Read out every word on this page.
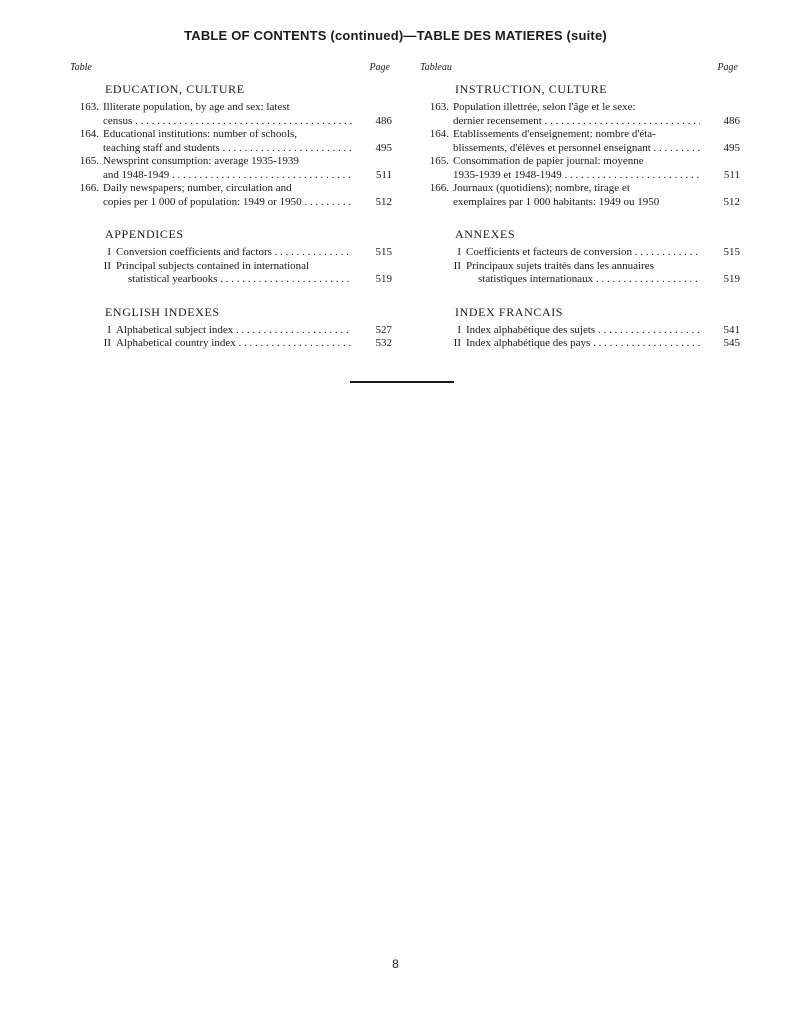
TABLE OF CONTENTS (continued)—TABLE DES MATIERES (suite)
Table	Page
EDUCATION, CULTURE
163. Illiterate population, by age and sex: latest
census . . .	486
164. Educational institutions: number of schools,
teaching staff and students . . .	495
165. Newsprint consumption: average 1935-1939
and 1948-1949 . . .	511
166. Daily newspapers; number, circulation and
copies per 1 000 of population: 1949 or 1950 . . .	512
APPENDICES
I Conversion coefficients and factors . . .	515
II Principal subjects contained in international
statistical yearbooks . . .	519
ENGLISH INDEXES
I Alphabetical subject index . . .	527
II Alphabetical country index . . .	532
Tableau	Page
INSTRUCTION, CULTURE
163. Population illettrée, selon l'âge et le sexe:
dernier recensement . . .	486
164. Etablissements d'enseignement: nombre d'éta-
blissements, d'élèves et personnel enseignant . . .	495
165. Consommation de papier journal: moyenne
1935-1939 et 1948-1949 . . .	511
166. Journaux (quotidiens); nombre, tirage et
exemplaires par 1 000 habitants: 1949 ou 1950	512
ANNEXES
I Coefficients et facteurs de conversion . . .	515
II Principaux sujets traités dans les annuaires
statistiques internationaux . . .	519
INDEX FRANCAIS
I Index alphabétique des sujets . . .	541
II Index alphabétique des pays . . .	545
8
